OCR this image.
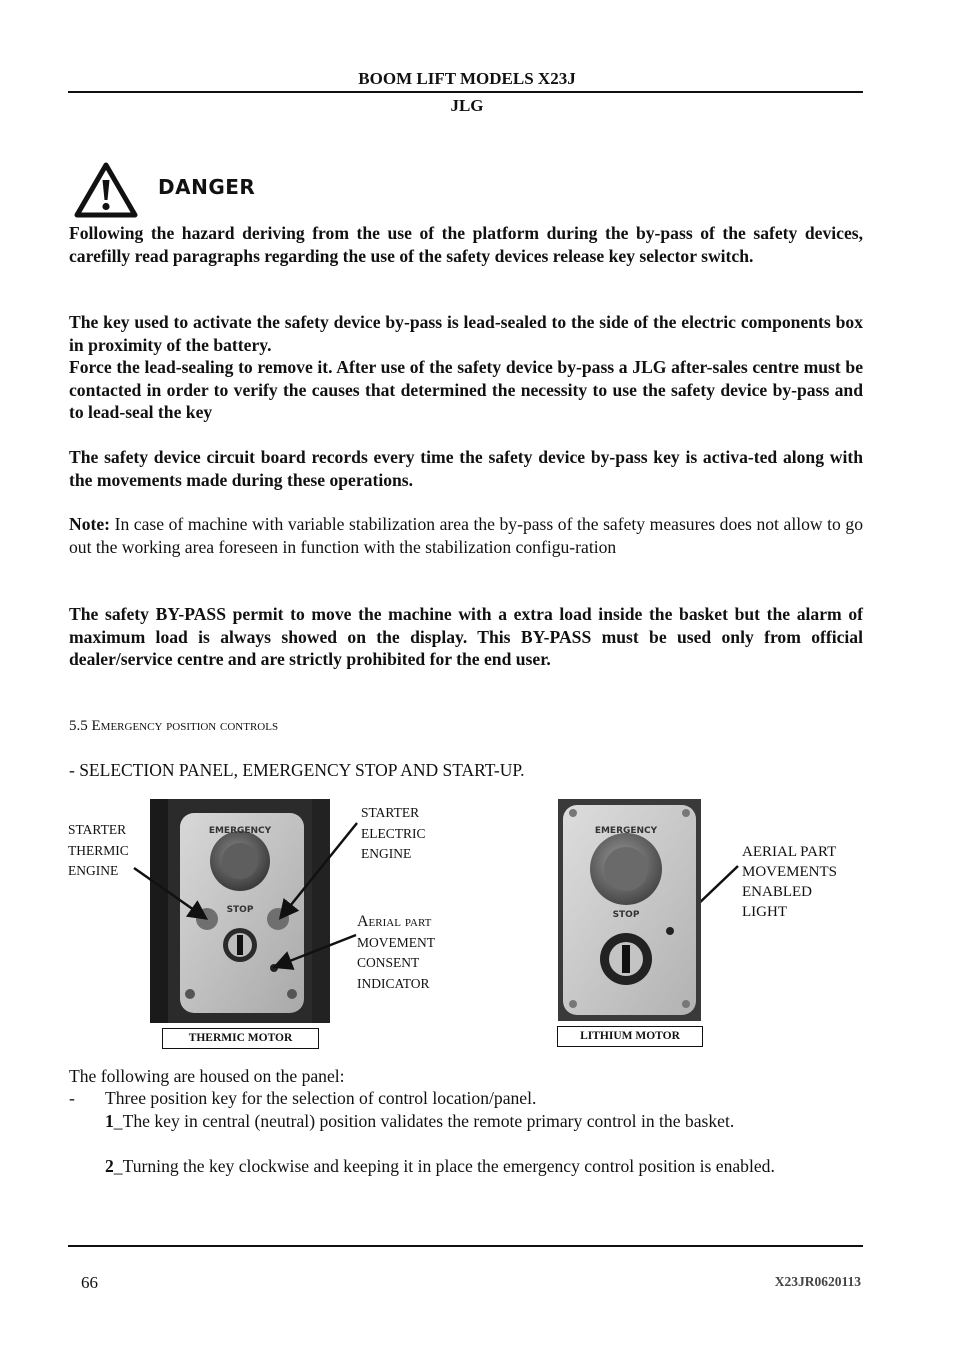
BOOM LIFT MODELS X23J
JLG
DANGER
Following the hazard deriving from the use of the platform during the by-pass of the safety devices, carefilly read paragraphs regarding the use of the safety devices release key selector switch.
The key used to activate the safety device by-pass is lead-sealed to the side of the electric components box in proximity of the battery.
Force the lead-sealing to remove it. After use of the safety device by-pass a JLG after-sales centre must be contacted in order to verify the causes that determined the necessity to use the safety device by-pass and to lead-seal the key
The safety device circuit board records every time the safety device by-pass key is activa-ted along with the movements made during these operations.
Note: In case of machine with variable stabilization area the by-pass of the safety measures does not allow to go out the working area foreseen in function with the stabilization configu-ration
The safety BY-PASS permit to move the machine with a extra load inside the basket but the alarm of maximum load is always showed on the display. This BY-PASS must be used only from official dealer/service centre and are strictly prohibited for the end user.
5.5 Emergency position controls
- SELECTION PANEL, EMERGENCY STOP AND START-UP.
EMERGENCY
STOP
STARTER
THERMIC
ENGINE
STARTER
ELECTRIC
ENGINE
Aerial part
MOVEMENT
CONSENT
INDICATOR
THERMIC MOTOR
EMERGENCY
STOP
AERIAL PART
MOVEMENTS
ENABLED
LIGHT
LITHIUM MOTOR
The following are housed on the panel:
- Three position key for the selection of control location/panel.
1_The key in central (neutral) position validates the remote primary control in the basket.
2_Turning the key clockwise and keeping it in place the emergency control position is enabled.
66	X23JR0620113
